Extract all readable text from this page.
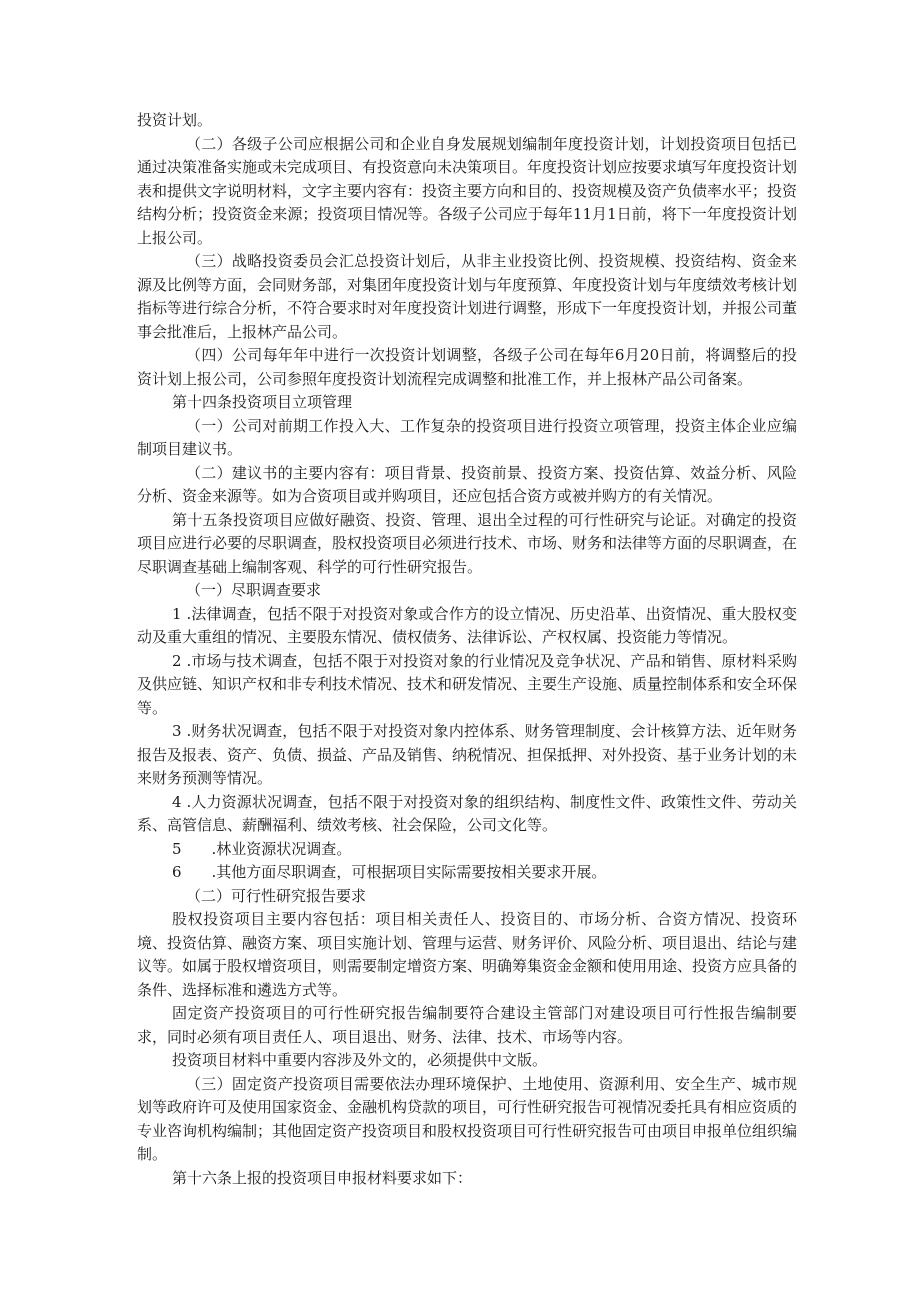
投资计划。

（二）各级子公司应根据公司和企业自身发展规划编制年度投资计划，计划投资项目包括已通过决策准备实施或未完成项目、有投资意向未决策项目。年度投资计划应按要求填写年度投资计划表和提供文字说明材料，文字主要内容有：投资主要方向和目的、投资规模及资产负债率水平；投资结构分析；投资资金来源；投资项目情况等。各级子公司应于每年11月1日前，将下一年度投资计划上报公司。

（三）战略投资委员会汇总投资计划后，从非主业投资比例、投资规模、投资结构、资金来源及比例等方面，会同财务部，对集团年度投资计划与年度预算、年度投资计划与年度绩效考核计划指标等进行综合分析，不符合要求时对年度投资计划进行调整，形成下一年度投资计划，并报公司董事会批准后，上报林产品公司。

（四）公司每年年中进行一次投资计划调整，各级子公司在每年6月20日前，将调整后的投资计划上报公司，公司参照年度投资计划流程完成调整和批准工作，并上报林产品公司备案。

第十四条投资项目立项管理

（一）公司对前期工作投入大、工作复杂的投资项目进行投资立项管理，投资主体企业应编制项目建议书。

（二）建议书的主要内容有：项目背景、投资前景、投资方案、投资估算、效益分析、风险分析、资金来源等。如为合资项目或并购项目，还应包括合资方或被并购方的有关情况。

第十五条投资项目应做好融资、投资、管理、退出全过程的可行性研究与论证。对确定的投资项目应进行必要的尽职调查，股权投资项目必须进行技术、市场、财务和法律等方面的尽职调查，在尽职调查基础上编制客观、科学的可行性研究报告。

（一）尽职调查要求

1 .法律调查，包括不限于对投资对象或合作方的设立情况、历史沿革、出资情况、重大股权变动及重大重组的情况、主要股东情况、债权债务、法律诉讼、产权权属、投资能力等情况。

2 .市场与技术调查，包括不限于对投资对象的行业情况及竞争状况、产品和销售、原材料采购及供应链、知识产权和非专利技术情况、技术和研发情况、主要生产设施、质量控制体系和安全环保等。

3 .财务状况调查，包括不限于对投资对象内控体系、财务管理制度、会计核算方法、近年财务报告及报表、资产、负债、损益、产品及销售、纳税情况、担保抵押、对外投资、基于业务计划的未来财务预测等情况。

4 .人力资源状况调查，包括不限于对投资对象的组织结构、制度性文件、政策性文件、劳动关系、高管信息、薪酬福利、绩效考核、社会保险，公司文化等。

5　　.林业资源状况调查。

6　　.其他方面尽职调查，可根据项目实际需要按相关要求开展。

（二）可行性研究报告要求

股权投资项目主要内容包括：项目相关责任人、投资目的、市场分析、合资方情况、投资环境、投资估算、融资方案、项目实施计划、管理与运营、财务评价、风险分析、项目退出、结论与建议等。如属于股权增资项目，则需要制定增资方案、明确筹集资金金额和使用用途、投资方应具备的条件、选择标准和遴选方式等。

固定资产投资项目的可行性研究报告编制要符合建设主管部门对建设项目可行性报告编制要求，同时必须有项目责任人、项目退出、财务、法律、技术、市场等内容。

投资项目材料中重要内容涉及外文的，必须提供中文版。

（三）固定资产投资项目需要依法办理环境保护、土地使用、资源利用、安全生产、城市规划等政府许可及使用国家资金、金融机构贷款的项目，可行性研究报告可视情况委托具有相应资质的专业咨询机构编制；其他固定资产投资项目和股权投资项目可行性研究报告可由项目申报单位组织编制。

第十六条上报的投资项目申报材料要求如下：
